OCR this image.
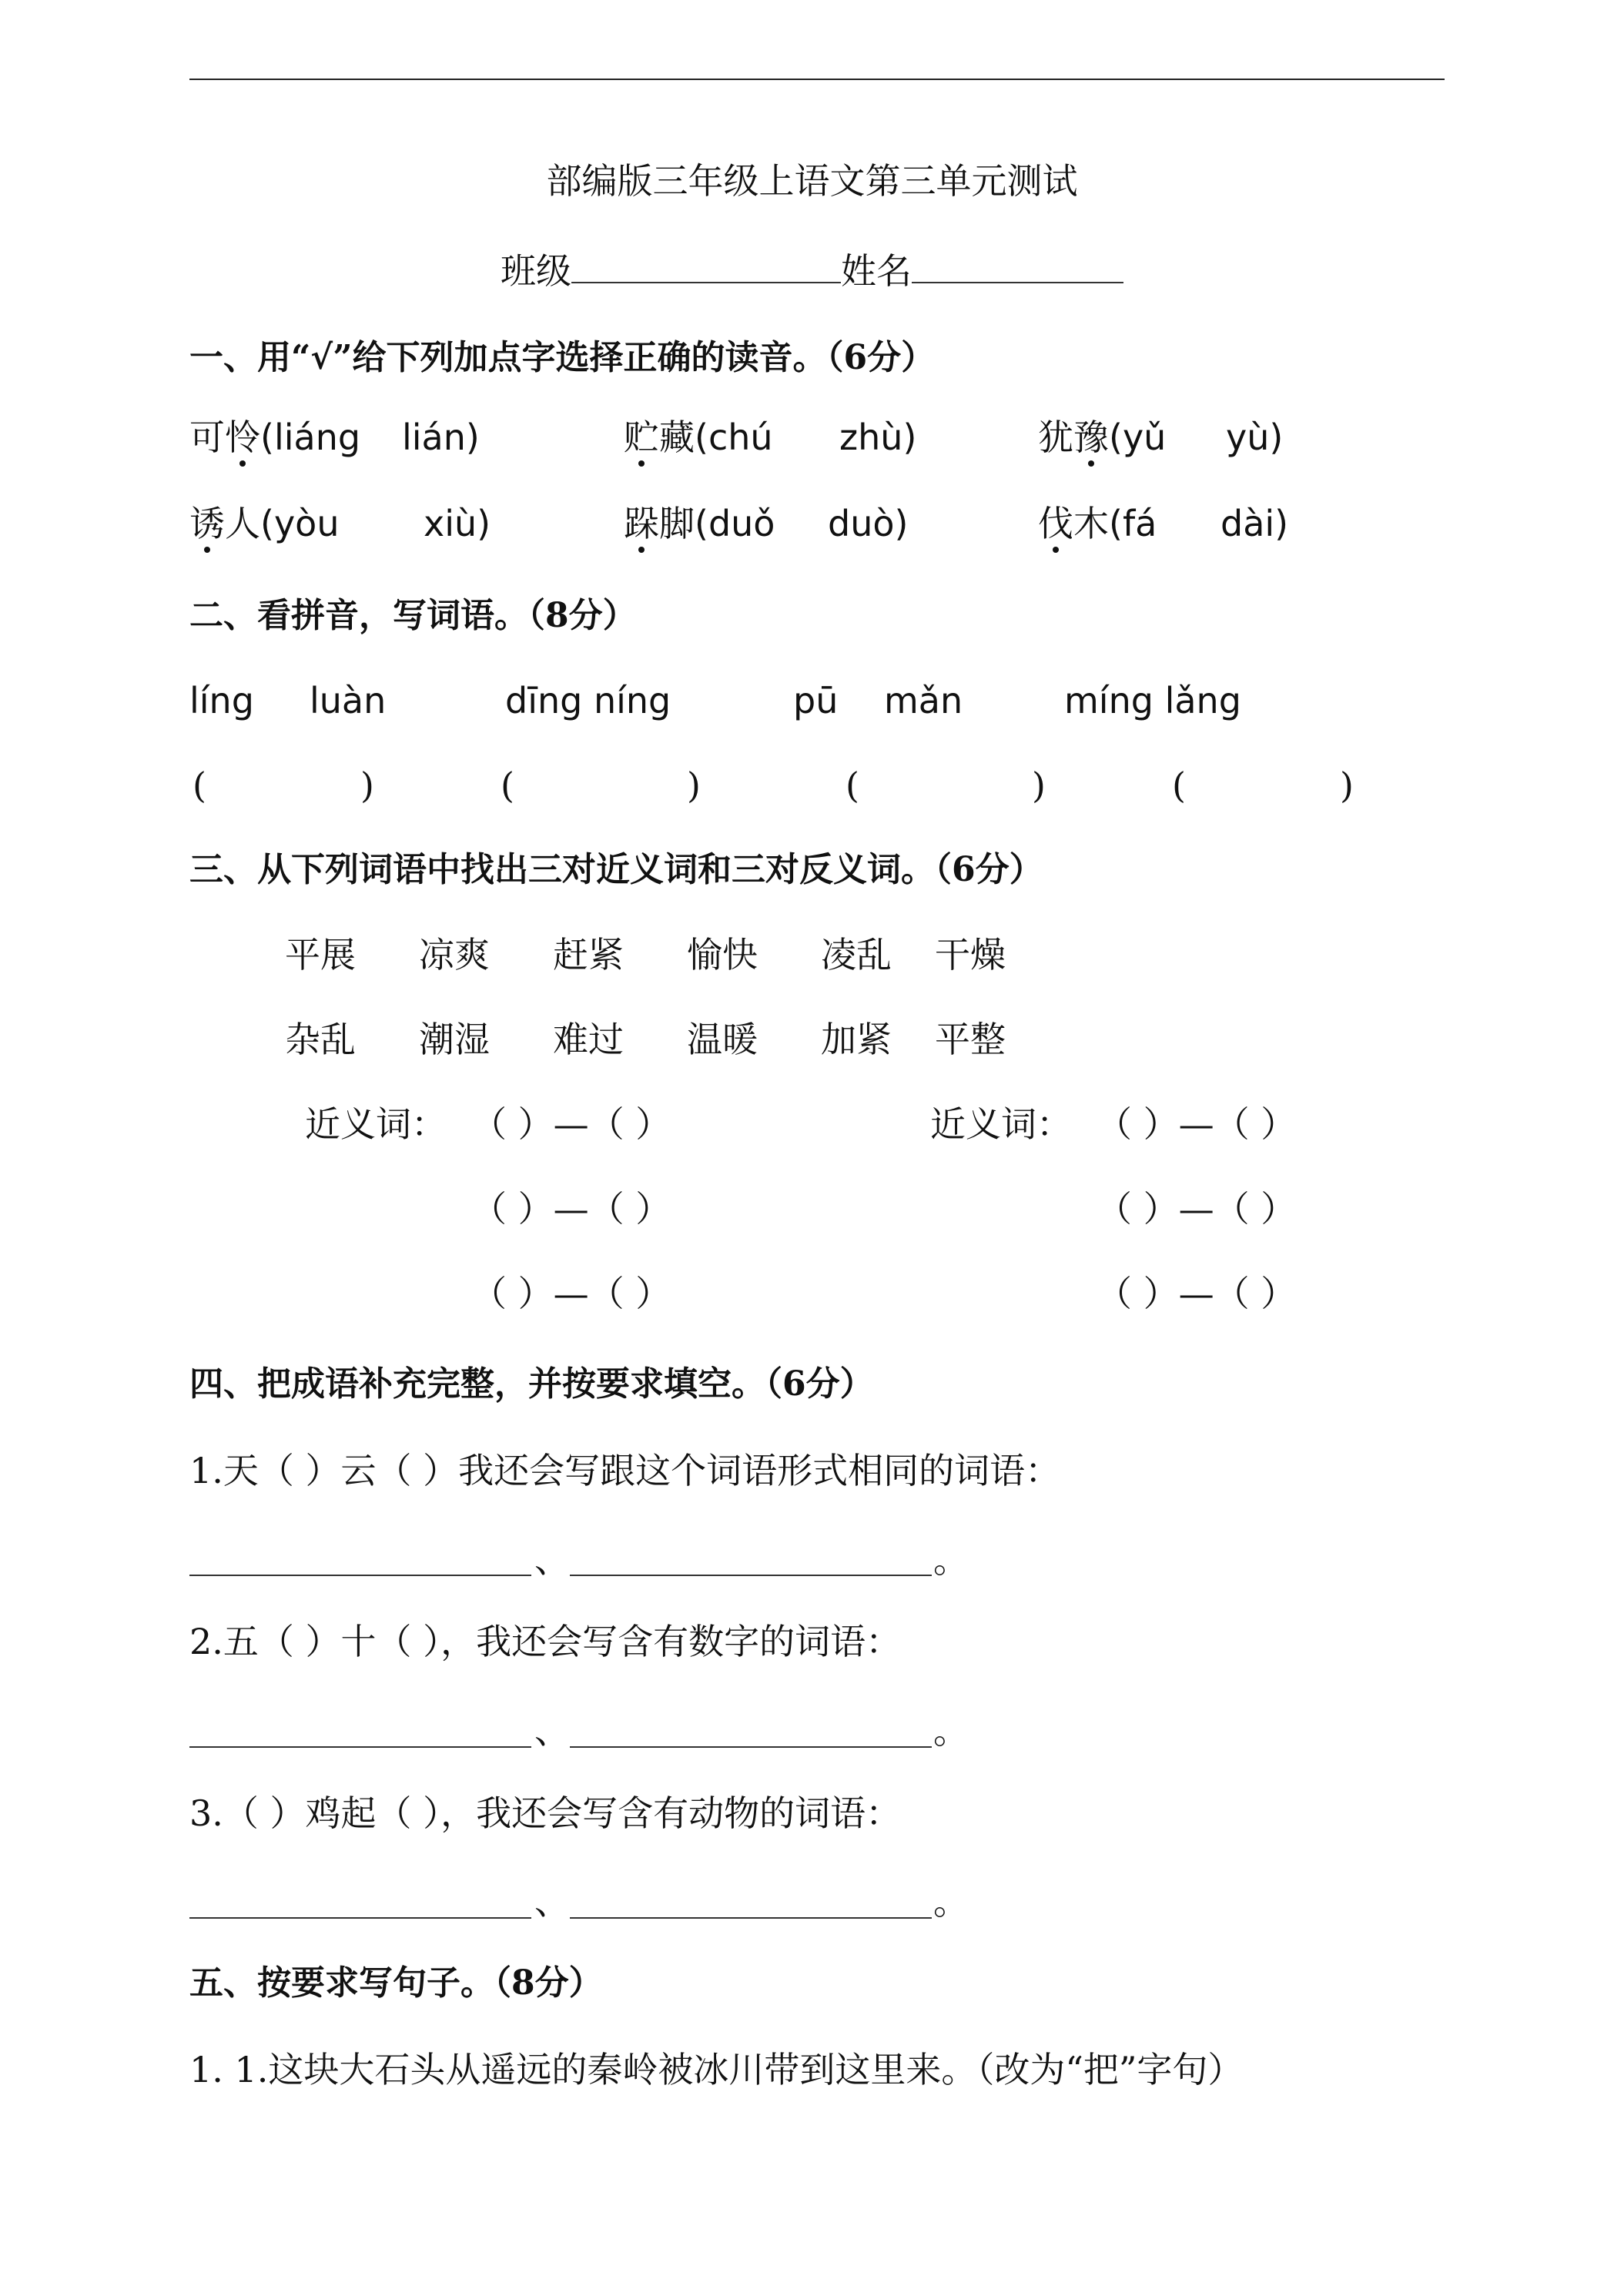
部编版三年级上语文第三单元测试
班级	姓名
一、用“√”给下列加点字选择正确的读音。（6分）
可怜(liáng lián)	贮藏(chú zhù)	犹豫(yǔ yù)
诱人(yòu xiù)	跺脚(duǒ duò)	伐木(fá dài)
二、看拼音，写词语。（8分）
líng luàn	dīng níng	pū mǎn	míng lǎng
(	)	(	)	(	)	(	)
三、从下列词语中找出三对近义词和三对反义词。（6分）
平展 凉爽 赶紧 愉快 凌乱 干燥
杂乱 潮湿 难过 温暖 加紧 平整
近义词： （ ）—（ ）	近义词： （ ）—（ ）
（ ）—（ ）	（ ）—（ ）
（ ）—（ ）	（ ）—（ ）
四、把成语补充完整，并按要求填空。（6分）
1.天（ ）云（ ）我还会写跟这个词语形式相同的词语：
、	。
2.五（ ）十（ ），我还会写含有数字的词语：
、	。
3.（ ）鸡起（ ），我还会写含有动物的词语：
、	。
五、按要求写句子。（8分）
1. 1.这块大石头从遥远的秦岭被冰川带到这里来。（改为“把”字句）
